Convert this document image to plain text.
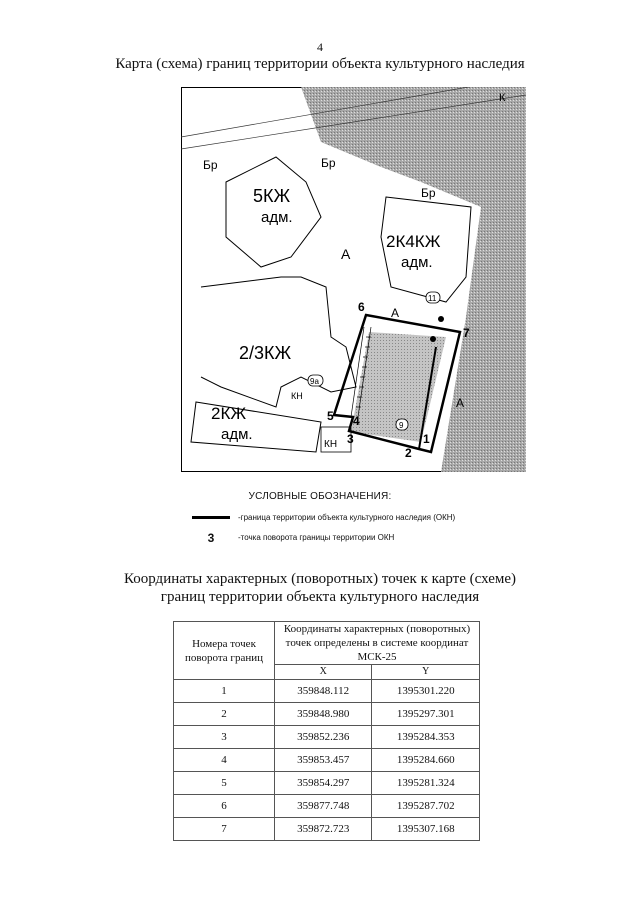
4
Карта (схема) границ территории объекта культурного наследия
Бр	Бр
Бр
5КЖ
адм.
2К4КЖ
адм.
2/3КЖ
2КЖ
адм.
А
А
А
КН
КН
К
11
9а
9
1
2
3
4
5
6
7
УСЛОВНЫЕ ОБОЗНАЧЕНИЯ:
-граница территории объекта культурного наследия (ОКН)
3	-точка поворота границы территории ОКН
Координаты характерных (поворотных) точек к карте (схеме)
границ территории объекта культурного наследия
Номера точек поворота границ	Координаты характерных (поворотных) точек определены в системе координат МСК-25	
	X	Y
1	359848.112	1395301.220
2	359848.980	1395297.301
3	359852.236	1395284.353
4	359853.457	1395284.660
5	359854.297	1395281.324
6	359877.748	1395287.702
7	359872.723	1395307.168
